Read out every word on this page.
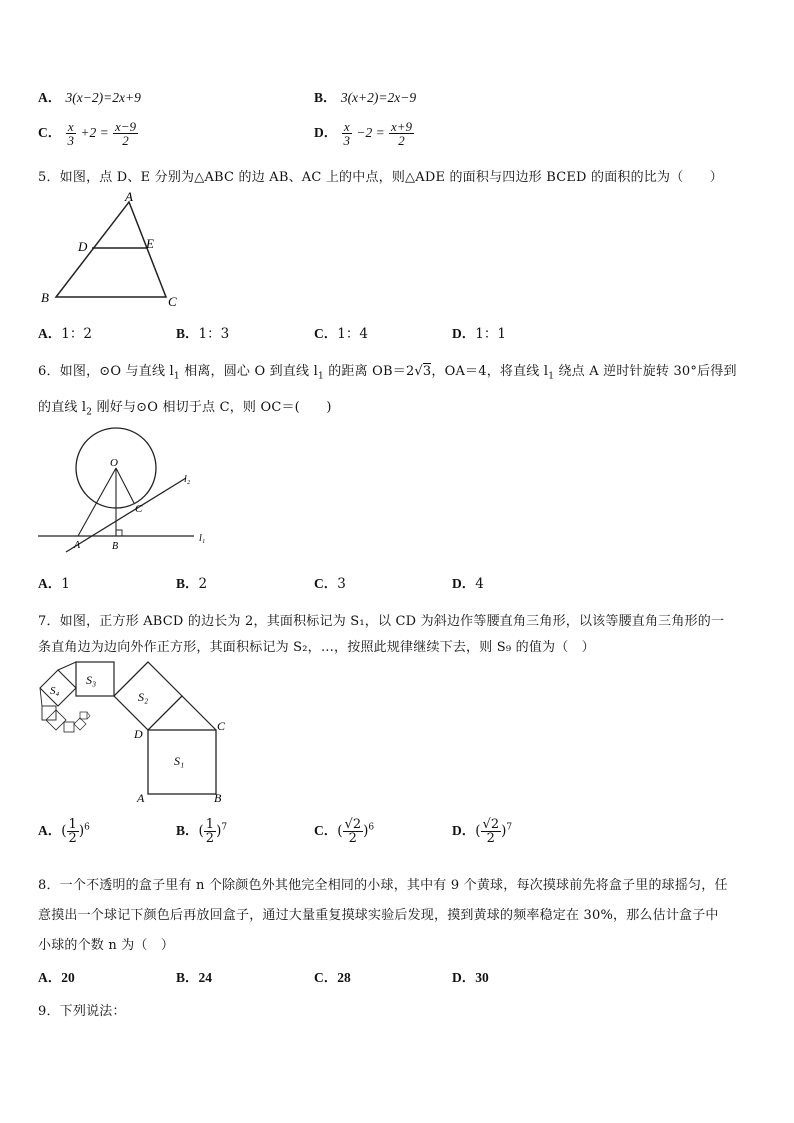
A． 3(x−2)=2x+9	B． 3(x+2)=2x−9
C． $\frac{x}{3} +2 = \frac{x-9}{2}$	D． $\frac{x}{3} -2 = \frac{x+9}{2}$
5．如图，点 D、E 分别为△ABC 的边 AB、AC 上的中点，则△ADE 的面积与四边形 BCED 的面积的比为（　　）
A
D	E
B	C
A．1：2	B．1：3	C．1：4	D．1：1
6．如图，⊙O 与直线 $l_1$ 相离，圆心 O 到直线 $l_1$ 的距离 OB＝2√3，OA＝4，将直线 $l_1$ 绕点 A 逆时针旋转 30°后得到
的直线 $l_2$ 刚好与⊙O 相切于点 C，则 OC＝(　　)
O
C
A	B
l₁
l₂
A．1	B．2	C．3	D．4
7．如图，正方形 ABCD 的边长为 2，其面积标记为 S₁，以 CD 为斜边作等腰直角三角形，以该等腰直角三角形的一
条直角边为边向外作正方形，其面积标记为 S₂，…，按照此规律继续下去，则 S₉ 的值为（　）
S₃
S₂
S₄
S₁
C
D
A	B
A．( $\frac{1}{2} )^6$	B．( $\frac{1}{2} )^7$	C．( $\frac{√2}{2} )^6$	D．( $\frac{√2}{2} )^7$
8．一个不透明的盒子里有 n 个除颜色外其他完全相同的小球，其中有 9 个黄球，每次摸球前先将盒子里的球摇匀，任
意摸出一个球记下颜色后再放回盒子，通过大量重复摸球实验后发现，摸到黄球的频率稳定在 30%，那么估计盒子中
小球的个数 n 为（　）
A．20	B．24	C．28	D．30
9．下列说法：
